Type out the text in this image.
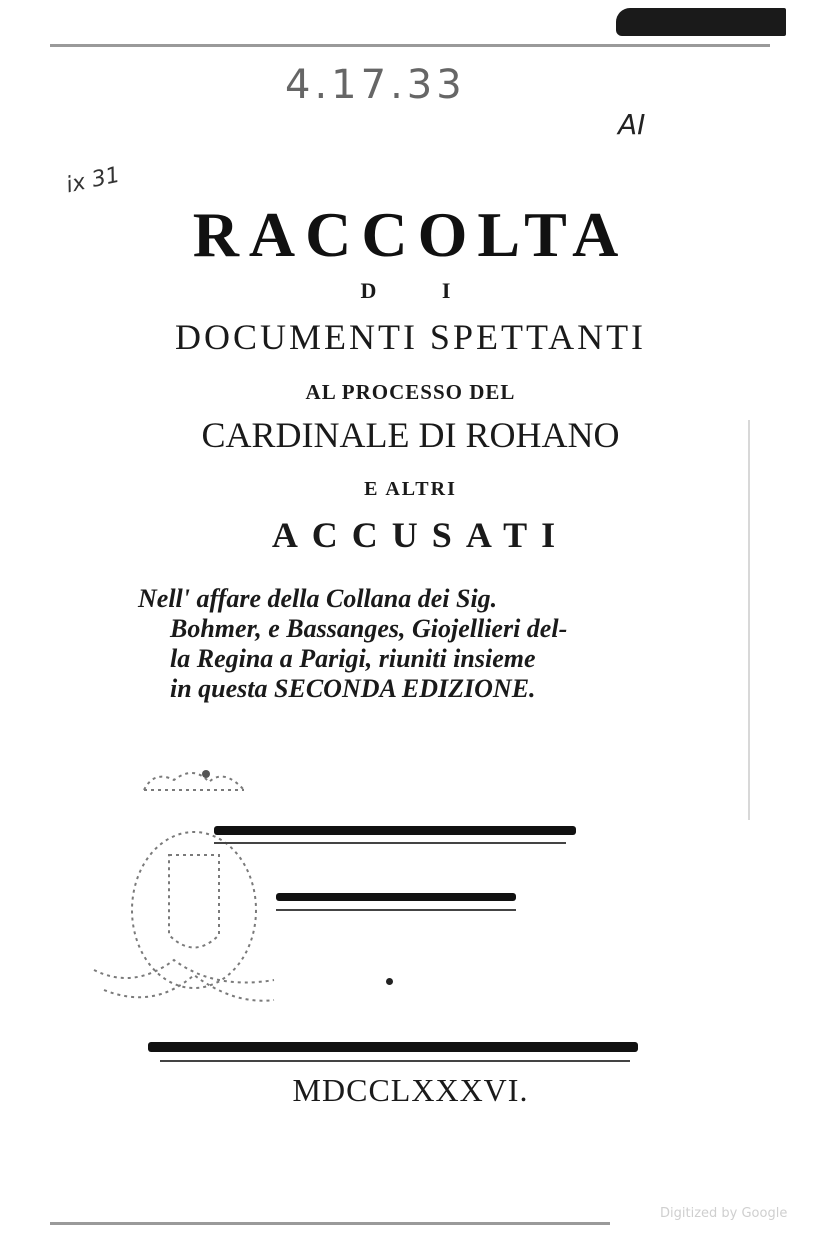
4.17.33
AI
ix 31
RACCOLTA
D I
DOCUMENTI SPETTANTI
AL PROCESSO DEL
CARDINALE DI ROHANO
E ALTRI
ACCUSATI
Nell' affare della Collana dei Sig.
Bohmer, e Bassanges, Giojellieri del-
la Regina a Parigi, riuniti insieme
in questa SECONDA EDIZIONE.
MDCCLXXXVI.
Digitized by Google
